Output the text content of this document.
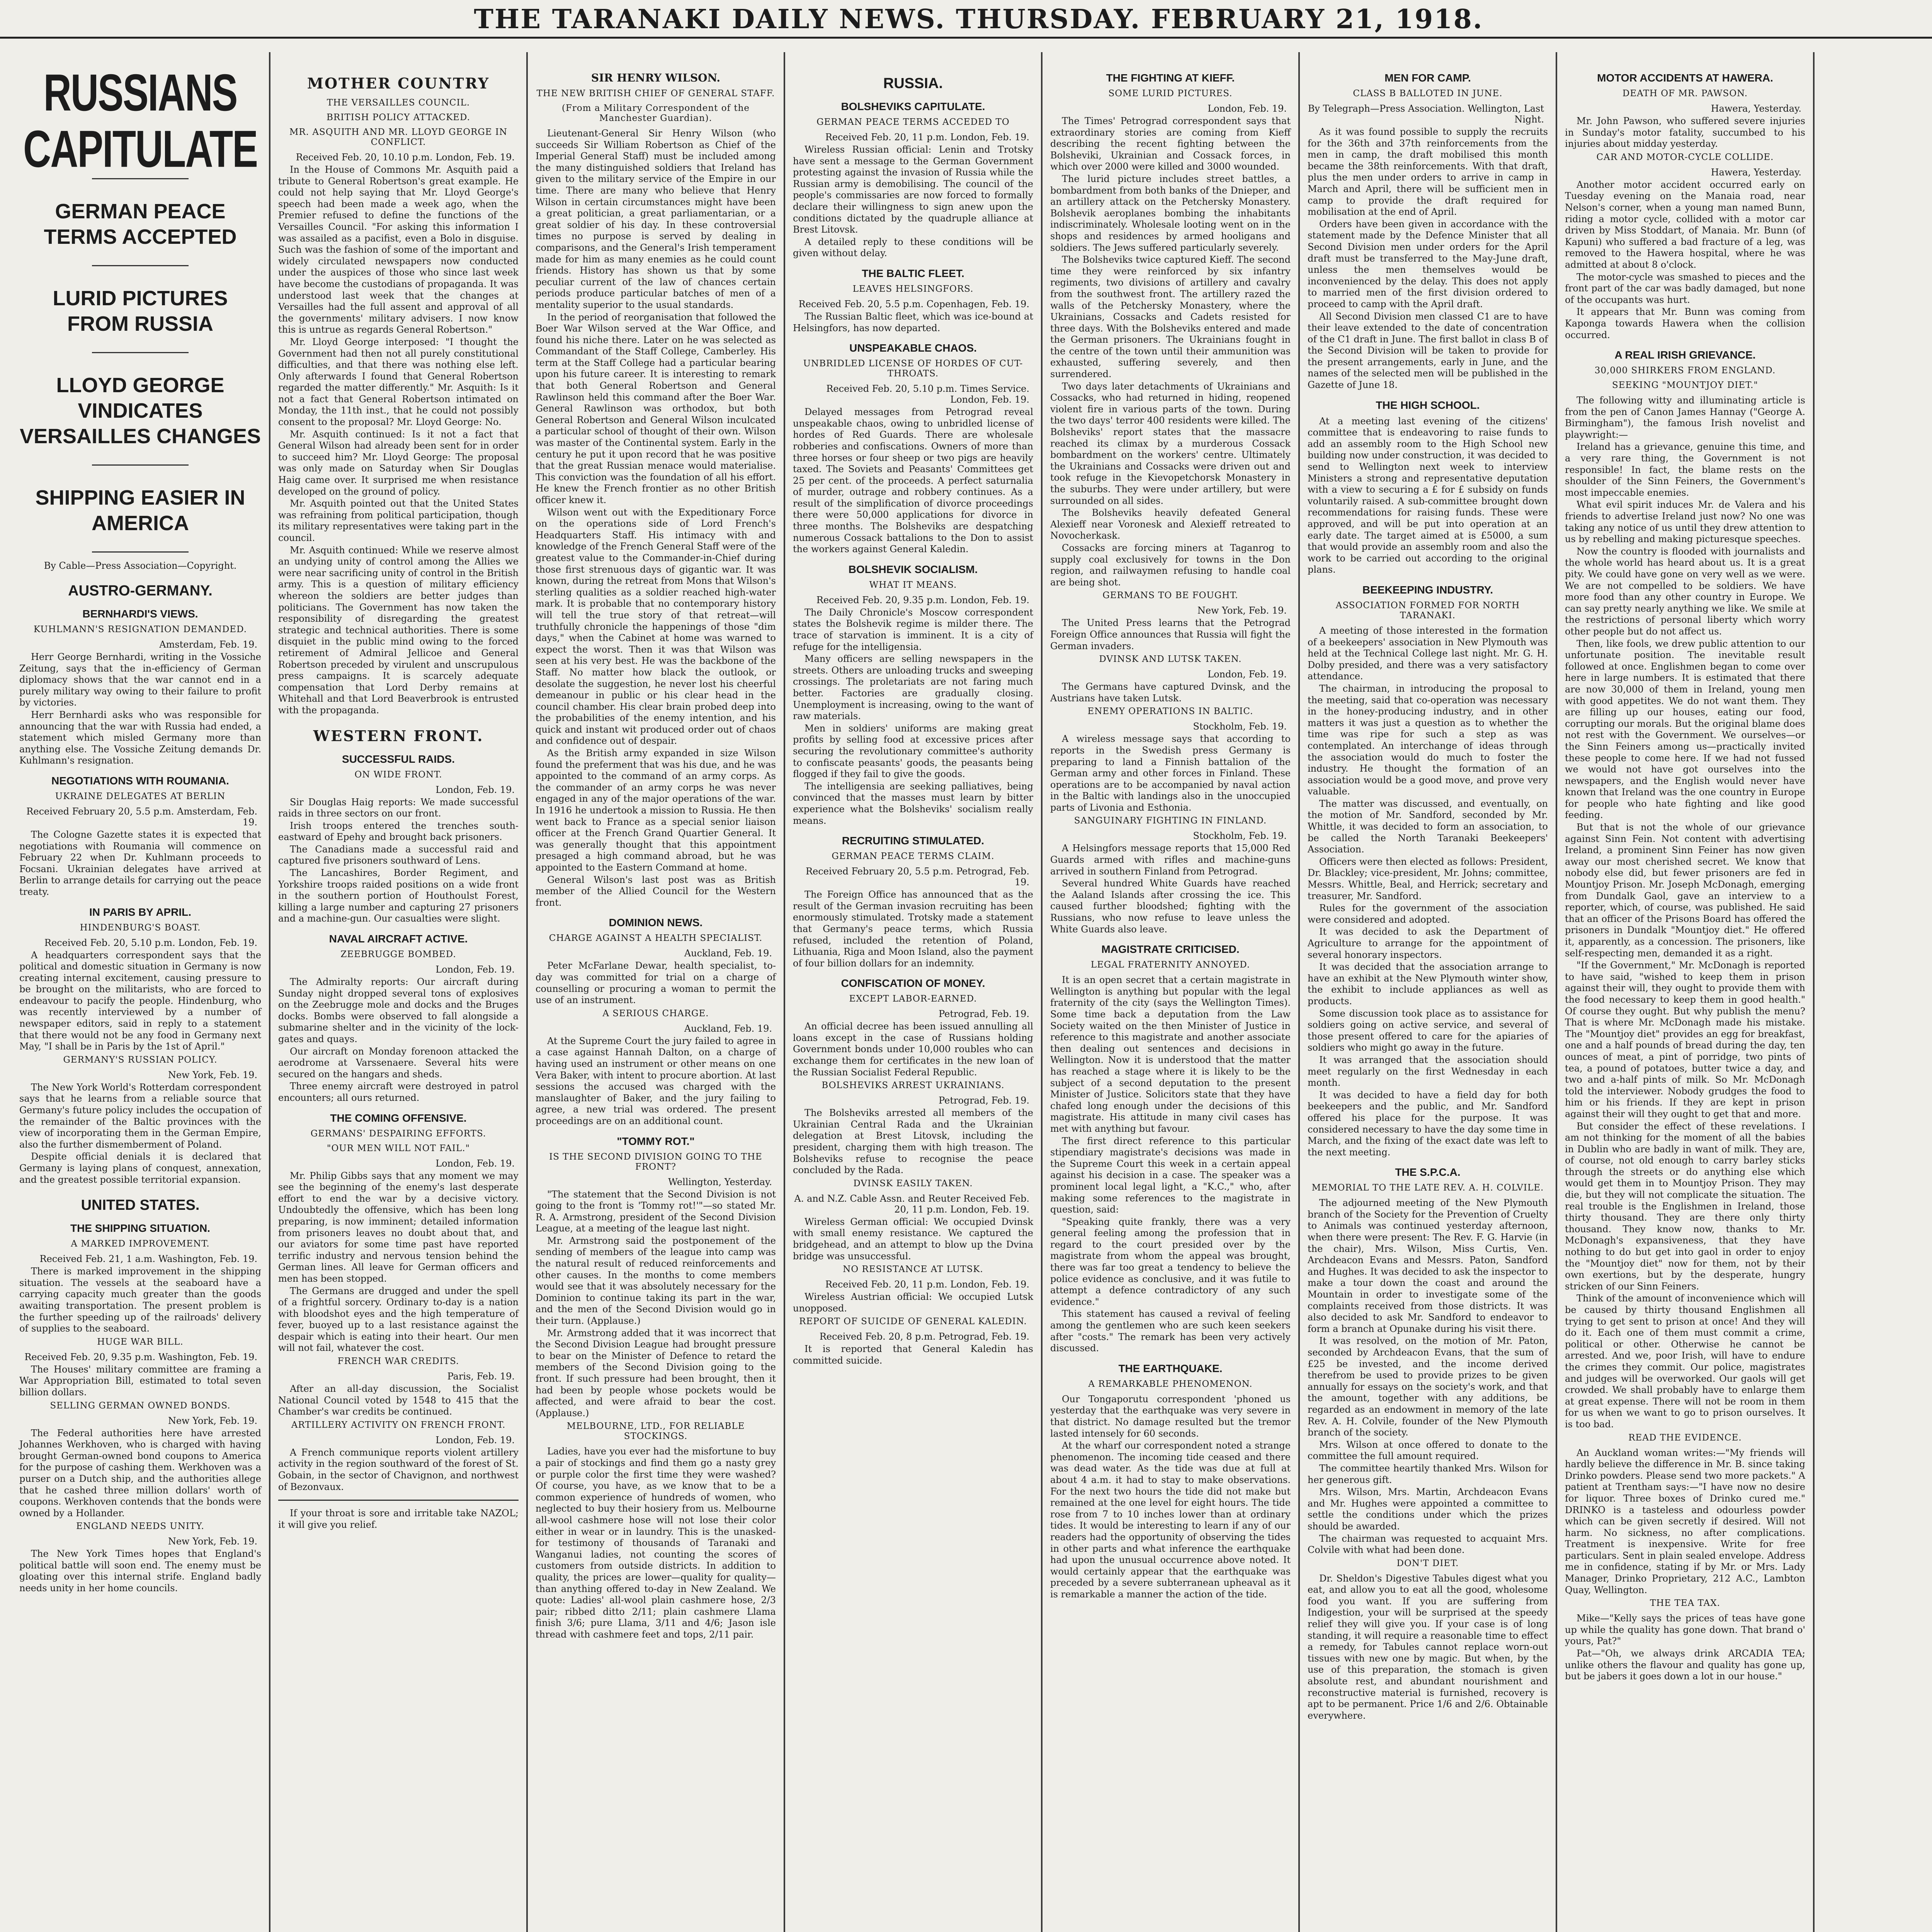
THE TARANAKI DAILY NEWS. THURSDAY. FEBRUARY 21, 1918.
RUSSIANS CAPITULATE
GERMAN PEACE TERMS ACCEPTED
LURID PICTURES FROM RUSSIA
LLOYD GEORGE VINDICATES VERSAILLES CHANGES
SHIPPING EASIER IN AMERICA
By Cable—Press Association—Copyright.
AUSTRO-GERMANY.
BERNHARDI'S VIEWS.
KUHLMANN'S RESIGNATION DEMANDED.
Amsterdam, Feb. 19.

Herr George Bernhardi, writing in the Vossiche Zeitung, says that the in-efficiency of German diplomacy shows that the war cannot end in a purely military way owing to their failure to profit by victories.

Herr Bernhardi asks who was responsible for announcing that the war with Russia had ended, a statement which misled Germany more than anything else. The Vossiche Zeitung demands Dr. Kuhlmann's resignation.

NEGOTIATIONS WITH ROUMANIA.
UKRAINE DELEGATES AT BERLIN
Received February 20, 5.5 p.m. Amsterdam, Feb. 19.

The Cologne Gazette states it is expected that negotiations with Roumania will commence on February 22 when Dr. Kuhlmann proceeds to Focsani. Ukrainian delegates have arrived at Berlin to arrange details for carrying out the peace treaty.

IN PARIS BY APRIL.
HINDENBURG'S BOAST.
Received Feb. 20, 5.10 p.m. London, Feb. 19.

A headquarters correspondent says that the political and domestic situation in Germany is now creating internal excitement, causing pressure to be brought on the militarists, who are forced to endeavour to pacify the people. Hindenburg, who was recently interviewed by a number of newspaper editors, said in reply to a statement that there would not be any food in Germany next May, "I shall be in Paris by the 1st of April."

GERMANY'S RUSSIAN POLICY.
New York, Feb. 19.

The New York World's Rotterdam correspondent says that he learns from a reliable source that Germany's future policy includes the occupation of the remainder of the Baltic provinces with the view of incorporating them in the German Empire, also the further dismemberment of Poland.

Despite official denials it is declared that Germany is laying plans of conquest, annexation, and the greatest possible territorial expansion.

UNITED STATES.
THE SHIPPING SITUATION.
A MARKED IMPROVEMENT.
Received Feb. 21, 1 a.m. Washington, Feb. 19.

There is marked improvement in the shipping situation. The vessels at the seaboard have a carrying capacity much greater than the goods awaiting transportation. The present problem is the further speeding up of the railroads' delivery of supplies to the seaboard.

HUGE WAR BILL.
Received Feb. 20, 9.35 p.m. Washington, Feb. 19.

The Houses' military committee are framing a War Appropriation Bill, estimated to total seven billion dollars.

SELLING GERMAN OWNED BONDS.
New York, Feb. 19.

The Federal authorities here have arrested Johannes Werkhoven, who is charged with having brought German-owned bond coupons to America for the purpose of cashing them. Werkhoven was a purser on a Dutch ship, and the authorities allege that he cashed three million dollars' worth of coupons. Werkhoven contends that the bonds were owned by a Hollander.

ENGLAND NEEDS UNITY.
New York, Feb. 19.

The New York Times hopes that England's political battle will soon end. The enemy must be gloating over this internal strife. England badly needs unity in her home councils.

MOTHER COUNTRY
THE VERSAILLES COUNCIL.
BRITISH POLICY ATTACKED.
MR. ASQUITH AND MR. LLOYD GEORGE IN CONFLICT.
Received Feb. 20, 10.10 p.m. London, Feb. 19.

In the House of Commons Mr. Asquith paid a tribute to General Robertson's great example. He could not help saying that Mr. Lloyd George's speech had been made a week ago, when the Premier refused to define the functions of the Versailles Council. "For asking this information I was assailed as a pacifist, even a Bolo in disguise. Such was the fashion of some of the important and widely circulated newspapers now conducted under the auspices of those who since last week have become the custodians of propaganda. It was understood last week that the changes at Versailles had the full assent and approval of all the governments' military advisers. I now know this is untrue as regards General Robertson."

Mr. Lloyd George interposed: "I thought the Government had then not all purely constitutional difficulties, and that there was nothing else left. Only afterwards I found that General Robertson regarded the matter differently." Mr. Asquith: Is it not a fact that General Robertson intimated on Monday, the 11th inst., that he could not possibly consent to the proposal? Mr. Lloyd George: No.

Mr. Asquith continued: Is it not a fact that General Wilson had already been sent for in order to succeed him? Mr. Lloyd George: The proposal was only made on Saturday when Sir Douglas Haig came over. It surprised me when resistance developed on the ground of policy.

Mr. Asquith pointed out that the United States was refraining from political participation, though its military representatives were taking part in the council.

Mr. Asquith continued: While we reserve almost an undying unity of control among the Allies we were near sacrificing unity of control in the British army. This is a question of military efficiency whereon the soldiers are better judges than politicians. The Government has now taken the responsibility of disregarding the greatest strategic and technical authorities. There is some disquiet in the public mind owing to the forced retirement of Admiral Jellicoe and General Robertson preceded by virulent and unscrupulous press campaigns. It is scarcely adequate compensation that Lord Derby remains at Whitehall and that Lord Beaverbrook is entrusted with the propaganda.

WESTERN FRONT.
SUCCESSFUL RAIDS.
ON WIDE FRONT.
London, Feb. 19.

Sir Douglas Haig reports: We made successful raids in three sectors on our front.

Irish troops entered the trenches south-eastward of Epehy and brought back prisoners.

The Canadians made a successful raid and captured five prisoners southward of Lens.

The Lancashires, Border Regiment, and Yorkshire troops raided positions on a wide front in the southern portion of Houthoulst Forest, killing a large number and capturing 27 prisoners and a machine-gun. Our casualties were slight.

NAVAL AIRCRAFT ACTIVE.
ZEEBRUGGE BOMBED.
London, Feb. 19.

The Admiralty reports: Our aircraft during Sunday night dropped several tons of explosives on the Zeebrugge mole and docks and the Bruges docks. Bombs were observed to fall alongside a submarine shelter and in the vicinity of the lock-gates and quays.

Our aircraft on Monday forenoon attacked the aerodrome at Varssenaere. Several hits were secured on the hangars and sheds.

Three enemy aircraft were destroyed in patrol encounters; all ours returned.

THE COMING OFFENSIVE.
GERMANS' DESPAIRING EFFORTS.
"OUR MEN WILL NOT FAIL."
London, Feb. 19.

Mr. Philip Gibbs says that any moment we may see the beginning of the enemy's last desperate effort to end the war by a decisive victory. Undoubtedly the offensive, which has been long preparing, is now imminent; detailed information from prisoners leaves no doubt about that, and our aviators for some time past have reported terrific industry and nervous tension behind the German lines. All leave for German officers and men has been stopped.

The Germans are drugged and under the spell of a frightful sorcery. Ordinary to-day is a nation with bloodshot eyes and the high temperature of fever, buoyed up to a last resistance against the despair which is eating into their heart. Our men will not fail, whatever the cost.

FRENCH WAR CREDITS.
Paris, Feb. 19.

After an all-day discussion, the Socialist National Council voted by 1548 to 415 that the Chamber's war credits be continued.

ARTILLERY ACTIVITY ON FRENCH FRONT.
London, Feb. 19.

A French communique reports violent artillery activity in the region southward of the forest of St. Gobain, in the sector of Chavignon, and northwest of Bezonvaux.

If your throat is sore and irritable take NAZOL; it will give you relief.

SIR HENRY WILSON.
THE NEW BRITISH CHIEF OF GENERAL STAFF.
(From a Military Correspondent of the Manchester Guardian).

Lieutenant-General Sir Henry Wilson (who succeeds Sir William Robertson as Chief of the Imperial General Staff) must be included among the many distinguished soldiers that Ireland has given to the military service of the Empire in our time. There are many who believe that Henry Wilson in certain circumstances might have been a great politician, a great parliamentarian, or a great soldier of his day. In these controversial times no purpose is served by dealing in comparisons, and the General's Irish temperament made for him as many enemies as he could count friends. History has shown us that by some peculiar current of the law of chances certain periods produce particular batches of men of a mentality superior to the usual standards.

In the period of reorganisation that followed the Boer War Wilson served at the War Office, and found his niche there. Later on he was selected as Commandant of the Staff College, Camberley. His term at the Staff College had a particular bearing upon his future career. It is interesting to remark that both General Robertson and General Rawlinson held this command after the Boer War. General Rawlinson was orthodox, but both General Robertson and General Wilson inculcated a particular school of thought of their own. Wilson was master of the Continental system. Early in the century he put it upon record that he was positive that the great Russian menace would materialise. This conviction was the foundation of all his effort. He knew the French frontier as no other British officer knew it.

Wilson went out with the Expeditionary Force on the operations side of Lord French's Headquarters Staff. His intimacy with and knowledge of the French General Staff were of the greatest value to the Commander-in-Chief during those first strenuous days of gigantic war. It was known, during the retreat from Mons that Wilson's sterling qualities as a soldier reached high-water mark. It is probable that no contemporary history will tell the true story of that retreat—will truthfully chronicle the happenings of those "dim days," when the Cabinet at home was warned to expect the worst. Then it was that Wilson was seen at his very best. He was the backbone of the Staff. No matter how black the outlook, or desolate the suggestion, he never lost his cheerful demeanour in public or his clear head in the council chamber. His clear brain probed deep into the probabilities of the enemy intention, and his quick and instant wit produced order out of chaos and confidence out of despair.

As the British army expanded in size Wilson found the preferment that was his due, and he was appointed to the command of an army corps. As the commander of an army corps he was never engaged in any of the major operations of the war. In 1916 he undertook a mission to Russia. He then went back to France as a special senior liaison officer at the French Grand Quartier General. It was generally thought that this appointment presaged a high command abroad, but he was appointed to the Eastern Command at home.

General Wilson's last post was as British member of the Allied Council for the Western front.

DOMINION NEWS.
CHARGE AGAINST A HEALTH SPECIALIST.
Auckland, Feb. 19.

Peter McFarlane Dewar, health specialist, to-day was committed for trial on a charge of counselling or procuring a woman to permit the use of an instrument.

A SERIOUS CHARGE.
Auckland, Feb. 19.

At the Supreme Court the jury failed to agree in a case against Hannah Dalton, on a charge of having used an instrument or other means on one Vera Baker, with intent to procure abortion. At last sessions the accused was charged with the manslaughter of Baker, and the jury failing to agree, a new trial was ordered. The present proceedings are on an additional count.

"TOMMY ROT."
IS THE SECOND DIVISION GOING TO THE FRONT?
Wellington, Yesterday.

"The statement that the Second Division is not going to the front is 'Tommy rot!'"—so stated Mr. R. A. Armstrong, president of the Second Division League, at a meeting of the league last night.

Mr. Armstrong said the postponement of the sending of members of the league into camp was the natural result of reduced reinforcements and other causes. In the months to come members would see that it was absolutely necessary for the Dominion to continue taking its part in the war, and the men of the Second Division would go in their turn. (Applause.)

Mr. Armstrong added that it was incorrect that the Second Division League had brought pressure to bear on the Minister of Defence to retard the members of the Second Division going to the front. If such pressure had been brought, then it had been by people whose pockets would be affected, and were afraid to bear the cost. (Applause.)

MELBOURNE, LTD., FOR RELIABLE STOCKINGS.

Ladies, have you ever had the misfortune to buy a pair of stockings and find them go a nasty grey or purple color the first time they were washed? Of course, you have, as we know that to be a common experience of hundreds of women, who neglected to buy their hosiery from us. Melbourne all-wool cashmere hose will not lose their color either in wear or in laundry. This is the unasked-for testimony of thousands of Taranaki and Wanganui ladies, not counting the scores of customers from outside districts. In addition to quality, the prices are lower—quality for quality—than anything offered to-day in New Zealand. We quote: Ladies' all-wool plain cashmere hose, 2/3 pair; ribbed ditto 2/11; plain cashmere Llama finish 3/6; pure Llama, 3/11 and 4/6; Jason isle thread with cashmere feet and tops, 2/11 pair.

RUSSIA.
BOLSHEVIKS CAPITULATE.
GERMAN PEACE TERMS ACCEDED TO
Received Feb. 20, 11 p.m. London, Feb. 19.

Wireless Russian official: Lenin and Trotsky have sent a message to the German Government protesting against the invasion of Russia while the Russian army is demobilising. The council of the people's commissaries are now forced to formally declare their willingness to sign anew upon the conditions dictated by the quadruple alliance at Brest Litovsk.

A detailed reply to these conditions will be given without delay.

THE BALTIC FLEET.
LEAVES HELSINGFORS.
Received Feb. 20, 5.5 p.m. Copenhagen, Feb. 19.

The Russian Baltic fleet, which was ice-bound at Helsingfors, has now departed.

UNSPEAKABLE CHAOS.
UNBRIDLED LICENSE OF HORDES OF CUT-THROATS.
Received Feb. 20, 5.10 p.m. Times Service. London, Feb. 19.

Delayed messages from Petrograd reveal unspeakable chaos, owing to unbridled license of hordes of Red Guards. There are wholesale robberies and confiscations. Owners of more than three horses or four sheep or two pigs are heavily taxed. The Soviets and Peasants' Committees get 25 per cent. of the proceeds. A perfect saturnalia of murder, outrage and robbery continues. As a result of the simplification of divorce proceedings there were 50,000 applications for divorce in three months. The Bolsheviks are despatching numerous Cossack battalions to the Don to assist the workers against General Kaledin.

BOLSHEVIK SOCIALISM.
WHAT IT MEANS.
Received Feb. 20, 9.35 p.m. London, Feb. 19.

The Daily Chronicle's Moscow correspondent states the Bolshevik regime is milder there. The trace of starvation is imminent. It is a city of refuge for the intelligensia.

Many officers are selling newspapers in the streets. Others are unloading trucks and sweeping crossings. The proletariats are not faring much better. Factories are gradually closing. Unemployment is increasing, owing to the want of raw materials.

Men in soldiers' uniforms are making great profits by selling food at excessive prices after securing the revolutionary committee's authority to confiscate peasants' goods, the peasants being flogged if they fail to give the goods.

The intelligensia are seeking palliatives, being convinced that the masses must learn by bitter experience what the Bolsheviks' socialism really means.

RECRUITING STIMULATED.
GERMAN PEACE TERMS CLAIM.
Received February 20, 5.5 p.m. Petrograd, Feb. 19.

The Foreign Office has announced that as the result of the German invasion recruiting has been enormously stimulated. Trotsky made a statement that Germany's peace terms, which Russia refused, included the retention of Poland, Lithuania, Riga and Moon Island, also the payment of four billion dollars for an indemnity.

CONFISCATION OF MONEY.
EXCEPT LABOR-EARNED.
Petrograd, Feb. 19.

An official decree has been issued annulling all loans except in the case of Russians holding Government bonds under 10,000 roubles who can exchange them for certificates in the new loan of the Russian Socialist Federal Republic.

BOLSHEVIKS ARREST UKRAINIANS.
Petrograd, Feb. 19.

The Bolsheviks arrested all members of the Ukrainian Central Rada and the Ukrainian delegation at Brest Litovsk, including the president, charging them with high treason. The Bolsheviks refuse to recognise the peace concluded by the Rada.

DVINSK EASILY TAKEN.
A. and N.Z. Cable Assn. and Reuter Received Feb. 20, 11 p.m. London, Feb. 19.

Wireless German official: We occupied Dvinsk with small enemy resistance. We captured the bridgehead, and an attempt to blow up the Dvina bridge was unsuccessful.

NO RESISTANCE AT LUTSK.
Received Feb. 20, 11 p.m. London, Feb. 19.

Wireless Austrian official: We occupied Lutsk unopposed.

REPORT OF SUICIDE OF GENERAL KALEDIN.
Received Feb. 20, 8 p.m. Petrograd, Feb. 19.

It is reported that General Kaledin has committed suicide.

THE FIGHTING AT KIEFF.
SOME LURID PICTURES.
London, Feb. 19.

The Times' Petrograd correspondent says that extraordinary stories are coming from Kieff describing the recent fighting between the Bolsheviki, Ukrainian and Cossack forces, in which over 2000 were killed and 3000 wounded.

The lurid picture includes street battles, a bombardment from both banks of the Dnieper, and an artillery attack on the Petchersky Monastery. Bolshevik aeroplanes bombing the inhabitants indiscriminately. Wholesale looting went on in the shops and residences by armed hooligans and soldiers. The Jews suffered particularly severely.

The Bolsheviks twice captured Kieff. The second time they were reinforced by six infantry regiments, two divisions of artillery and cavalry from the southwest front. The artillery razed the walls of the Petchersky Monastery, where the Ukrainians, Cossacks and Cadets resisted for three days. With the Bolsheviks entered and made the German prisoners. The Ukrainians fought in the centre of the town until their ammunition was exhausted, suffering severely, and then surrendered.

Two days later detachments of Ukrainians and Cossacks, who had returned in hiding, reopened violent fire in various parts of the town. During the two days' terror 400 residents were killed. The Bolsheviks' report states that the massacre reached its climax by a murderous Cossack bombardment on the workers' centre. Ultimately the Ukrainians and Cossacks were driven out and took refuge in the Kievopetchorsk Monastery in the suburbs. They were under artillery, but were surrounded on all sides.

The Bolsheviks heavily defeated General Alexieff near Voronesk and Alexieff retreated to Novocherkask.

Cossacks are forcing miners at Taganrog to supply coal exclusively for towns in the Don region, and railwaymen refusing to handle coal are being shot.

GERMANS TO BE FOUGHT.
New York, Feb. 19.

The United Press learns that the Petrograd Foreign Office announces that Russia will fight the German invaders.

DVINSK AND LUTSK TAKEN.
London, Feb. 19.

The Germans have captured Dvinsk, and the Austrians have taken Lutsk.

ENEMY OPERATIONS IN BALTIC.
Stockholm, Feb. 19.

A wireless message says that according to reports in the Swedish press Germany is preparing to land a Finnish battalion of the German army and other forces in Finland. These operations are to be accompanied by naval action in the Baltic with landings also in the unoccupied parts of Livonia and Esthonia.

SANGUINARY FIGHTING IN FINLAND.
Stockholm, Feb. 19.

A Helsingfors message reports that 15,000 Red Guards armed with rifles and machine-guns arrived in southern Finland from Petrograd.

Several hundred White Guards have reached the Aaland Islands after crossing the ice. This caused further bloodshed; fighting with the Russians, who now refuse to leave unless the White Guards also leave.

MAGISTRATE CRITICISED.
LEGAL FRATERNITY ANNOYED.

It is an open secret that a certain magistrate in Wellington is anything but popular with the legal fraternity of the city (says the Wellington Times). Some time back a deputation from the Law Society waited on the then Minister of Justice in reference to this magistrate and another associate then dealing out sentences and decisions in Wellington. Now it is understood that the matter has reached a stage where it is likely to be the subject of a second deputation to the present Minister of Justice. Solicitors state that they have chafed long enough under the decisions of this magistrate. His attitude in many civil cases has met with anything but favour.

The first direct reference to this particular stipendiary magistrate's decisions was made in the Supreme Court this week in a certain appeal against his decision in a case. The speaker was a prominent local legal light, a "K.C.," who, after making some references to the magistrate in question, said:

"Speaking quite frankly, there was a very general feeling among the profession that in regard to the court presided over by the magistrate from whom the appeal was brought, there was far too great a tendency to believe the police evidence as conclusive, and it was futile to attempt a defence contradictory of any such evidence."

This statement has caused a revival of feeling among the gentlemen who are such keen seekers after "costs." The remark has been very actively discussed.

THE EARTHQUAKE.
A REMARKABLE PHENOMENON.

Our Tongaporutu correspondent 'phoned us yesterday that the earthquake was very severe in that district. No damage resulted but the tremor lasted intensely for 60 seconds.

At the wharf our correspondent noted a strange phenomenon. The incoming tide ceased and there was dead water. As the tide was due at full at about 4 a.m. it had to stay to make observations. For the next two hours the tide did not make but remained at the one level for eight hours. The tide rose from 7 to 10 inches lower than at ordinary tides. It would be interesting to learn if any of our readers had the opportunity of observing the tides in other parts and what inference the earthquake had upon the unusual occurrence above noted. It would certainly appear that the earthquake was preceded by a severe subterranean upheaval as it is remarkable a manner the action of the tide.

MEN FOR CAMP.
CLASS B BALLOTED IN JUNE.
By Telegraph—Press Association. Wellington, Last Night.

As it was found possible to supply the recruits for the 36th and 37th reinforcements from the men in camp, the draft mobilised this month became the 38th reinforcements. With that draft, plus the men under orders to arrive in camp in March and April, there will be sufficient men in camp to provide the draft required for mobilisation at the end of April.

Orders have been given in accordance with the statement made by the Defence Minister that all Second Division men under orders for the April draft must be transferred to the May-June draft, unless the men themselves would be inconvenienced by the delay. This does not apply to married men of the first division ordered to proceed to camp with the April draft.

All Second Division men classed C1 are to have their leave extended to the date of concentration of the C1 draft in June. The first ballot in class B of the Second Division will be taken to provide for the present arrangements, early in June, and the names of the selected men will be published in the Gazette of June 18.

THE HIGH SCHOOL.

At a meeting last evening of the citizens' committee that is endeavoring to raise funds to add an assembly room to the High School new building now under construction, it was decided to send to Wellington next week to interview Ministers a strong and representative deputation with a view to securing a £ for £ subsidy on funds voluntarily raised. A sub-committee brought down recommendations for raising funds. These were approved, and will be put into operation at an early date. The target aimed at is £5000, a sum that would provide an assembly room and also the work to be carried out according to the original plans.

BEEKEEPING INDUSTRY.
ASSOCIATION FORMED FOR NORTH TARANAKI.

A meeting of those interested in the formation of a beekeepers' association in New Plymouth was held at the Technical College last night. Mr. G. H. Dolby presided, and there was a very satisfactory attendance.

The chairman, in introducing the proposal to the meeting, said that co-operation was necessary in the honey-producing industry, and in other matters it was just a question as to whether the time was ripe for such a step as was contemplated. An interchange of ideas through the association would do much to foster the industry. He thought the formation of an association would be a good move, and prove very valuable.

The matter was discussed, and eventually, on the motion of Mr. Sandford, seconded by Mr. Whittle, it was decided to form an association, to be called the North Taranaki Beekeepers' Association.

Officers were then elected as follows: President, Dr. Blackley; vice-president, Mr. Johns; committee, Messrs. Whittle, Beal, and Herrick; secretary and treasurer, Mr. Sandford.

Rules for the government of the association were considered and adopted.

It was decided to ask the Department of Agriculture to arrange for the appointment of several honorary inspectors.

It was decided that the association arrange to have an exhibit at the New Plymouth winter show, the exhibit to include appliances as well as products.

Some discussion took place as to assistance for soldiers going on active service, and several of those present offered to care for the apiaries of soldiers who might go away in the future.

It was arranged that the association should meet regularly on the first Wednesday in each month.

It was decided to have a field day for both beekeepers and the public, and Mr. Sandford offered his place for the purpose. It was considered necessary to have the day some time in March, and the fixing of the exact date was left to the next meeting.

THE S.P.C.A.
MEMORIAL TO THE LATE REV. A. H. COLVILE.

The adjourned meeting of the New Plymouth branch of the Society for the Prevention of Cruelty to Animals was continued yesterday afternoon, when there were present: The Rev. F. G. Harvie (in the chair), Mrs. Wilson, Miss Curtis, Ven. Archdeacon Evans and Messrs. Paton, Sandford and Hughes. It was decided to ask the inspector to make a tour down the coast and around the Mountain in order to investigate some of the complaints received from those districts. It was also decided to ask Mr. Sandford to endeavor to form a branch at Opunake during his visit there.

It was resolved, on the motion of Mr. Paton, seconded by Archdeacon Evans, that the sum of £25 be invested, and the income derived therefrom be used to provide prizes to be given annually for essays on the society's work, and that the amount, together with any additions, be regarded as an endowment in memory of the late Rev. A. H. Colvile, founder of the New Plymouth branch of the society.

Mrs. Wilson at once offered to donate to the committee the full amount required.

The committee heartily thanked Mrs. Wilson for her generous gift.

Mrs. Wilson, Mrs. Martin, Archdeacon Evans and Mr. Hughes were appointed a committee to settle the conditions under which the prizes should be awarded.

The chairman was requested to acquaint Mrs. Colvile with what had been done.

DON'T DIET.

Dr. Sheldon's Digestive Tabules digest what you eat, and allow you to eat all the good, wholesome food you want. If you are suffering from Indigestion, your will be surprised at the speedy relief they will give you. If your case is of long standing, it will require a reasonable time to effect a remedy, for Tabules cannot replace worn-out tissues with new one by magic. But when, by the use of this preparation, the stomach is given absolute rest, and abundant nourishment and reconstructive material is furnished, recovery is apt to be permanent. Price 1/6 and 2/6. Obtainable everywhere.

MOTOR ACCIDENTS AT HAWERA.
DEATH OF MR. PAWSON.
Hawera, Yesterday.

Mr. John Pawson, who suffered severe injuries in Sunday's motor fatality, succumbed to his injuries about midday yesterday.

CAR AND MOTOR-CYCLE COLLIDE.
Hawera, Yesterday.

Another motor accident occurred early on Tuesday evening on the Manaia road, near Nelson's corner, when a young man named Bunn, riding a motor cycle, collided with a motor car driven by Miss Stoddart, of Manaia. Mr. Bunn (of Kapuni) who suffered a bad fracture of a leg, was removed to the Hawera hospital, where he was admitted at about 8 o'clock.

The motor-cycle was smashed to pieces and the front part of the car was badly damaged, but none of the occupants was hurt.

It appears that Mr. Bunn was coming from Kaponga towards Hawera when the collision occurred.

A REAL IRISH GRIEVANCE.
30,000 SHIRKERS FROM ENGLAND.
SEEKING "MOUNTJOY DIET."

The following witty and illuminating article is from the pen of Canon James Hannay ("George A. Birmingham"), the famous Irish novelist and playwright:—

Ireland has a grievance, genuine this time, and a very rare thing, the Government is not responsible! In fact, the blame rests on the shoulder of the Sinn Feiners, the Government's most impeccable enemies.

What evil spirit induces Mr. de Valera and his friends to advertise Ireland just now? No one was taking any notice of us until they drew attention to us by rebelling and making picturesque speeches.

Now the country is flooded with journalists and the whole world has heard about us. It is a great pity. We could have gone on very well as we were. We are not compelled to be soldiers. We have more food than any other country in Europe. We can say pretty nearly anything we like. We smile at the restrictions of personal liberty which worry other people but do not affect us.

Then, like fools, we drew public attention to our unfortunate position. The inevitable result followed at once. Englishmen began to come over here in large numbers. It is estimated that there are now 30,000 of them in Ireland, young men with good appetites. We do not want them. They are filling up our houses, eating our food, corrupting our morals. But the original blame does not rest with the Government. We ourselves—or the Sinn Feiners among us—practically invited these people to come here. If we had not fussed we would not have got ourselves into the newspapers, and the English would never have known that Ireland was the one country in Europe for people who hate fighting and like good feeding.

But that is not the whole of our grievance against Sinn Fein. Not content with advertising Ireland, a prominent Sinn Feiner has now given away our most cherished secret. We know that nobody else did, but fewer prisoners are fed in Mountjoy Prison. Mr. Joseph McDonagh, emerging from Dundalk Gaol, gave an interview to a reporter, which, of course, was published. He said that an officer of the Prisons Board has offered the prisoners in Dundalk "Mountjoy diet." He offered it, apparently, as a concession. The prisoners, like self-respecting men, demanded it as a right.

"If the Government," Mr. McDonagh is reported to have said, "wished to keep them in prison against their will, they ought to provide them with the food necessary to keep them in good health." Of course they ought. But why publish the menu? That is where Mr. McDonagh made his mistake. The "Mountjoy diet" provides an egg for breakfast, one and a half pounds of bread during the day, ten ounces of meat, a pint of porridge, two pints of tea, a pound of potatoes, butter twice a day, and two and a-half pints of milk. So Mr. McDonagh told the interviewer. Nobody grudges the food to him or his friends. If they are kept in prison against their will they ought to get that and more.

But consider the effect of these revelations. I am not thinking for the moment of all the babies in Dublin who are badly in want of milk. They are, of course, not old enough to carry barley sticks through the streets or do anything else which would get them in to Mountjoy Prison. They may die, but they will not complicate the situation. The real trouble is the Englishmen in Ireland, those thirty thousand. They are there only thirty thousand. They know now, thanks to Mr. McDonagh's expansiveness, that they have nothing to do but get into gaol in order to enjoy the "Mountjoy diet" now for them, not by their own exertions, but by the desperate, hungry stricken of our Sinn Feiners.

Think of the amount of inconvenience which will be caused by thirty thousand Englishmen all trying to get sent to prison at once! And they will do it. Each one of them must commit a crime, political or other. Otherwise he cannot be arrested. And we, poor Irish, will have to endure the crimes they commit. Our police, magistrates and judges will be overworked. Our gaols will get crowded. We shall probably have to enlarge them at great expense. There will not be room in them for us when we want to go to prison ourselves. It is too bad.

READ THE EVIDENCE.

An Auckland woman writes:—"My friends will hardly believe the difference in Mr. B. since taking Drinko powders. Please send two more packets." A patient at Trentham says:—"I have now no desire for liquor. Three boxes of Drinko cured me." DRINKO is a tasteless and odourless powder which can be given secretly if desired. Will not harm. No sickness, no after complications. Treatment is inexpensive. Write for free particulars. Sent in plain sealed envelope. Address me in confidence, stating if by Mr. or Mrs. Lady Manager, Drinko Proprietary, 212 A.C., Lambton Quay, Wellington.

THE TEA TAX.

Mike—"Kelly says the prices of teas have gone up while the quality has gone down. That brand o' yours, Pat?"

Pat—"Oh, we always drink ARCADIA TEA; unlike others the flavour and quality has gone up, but be jabers it goes down a lot in our house."
